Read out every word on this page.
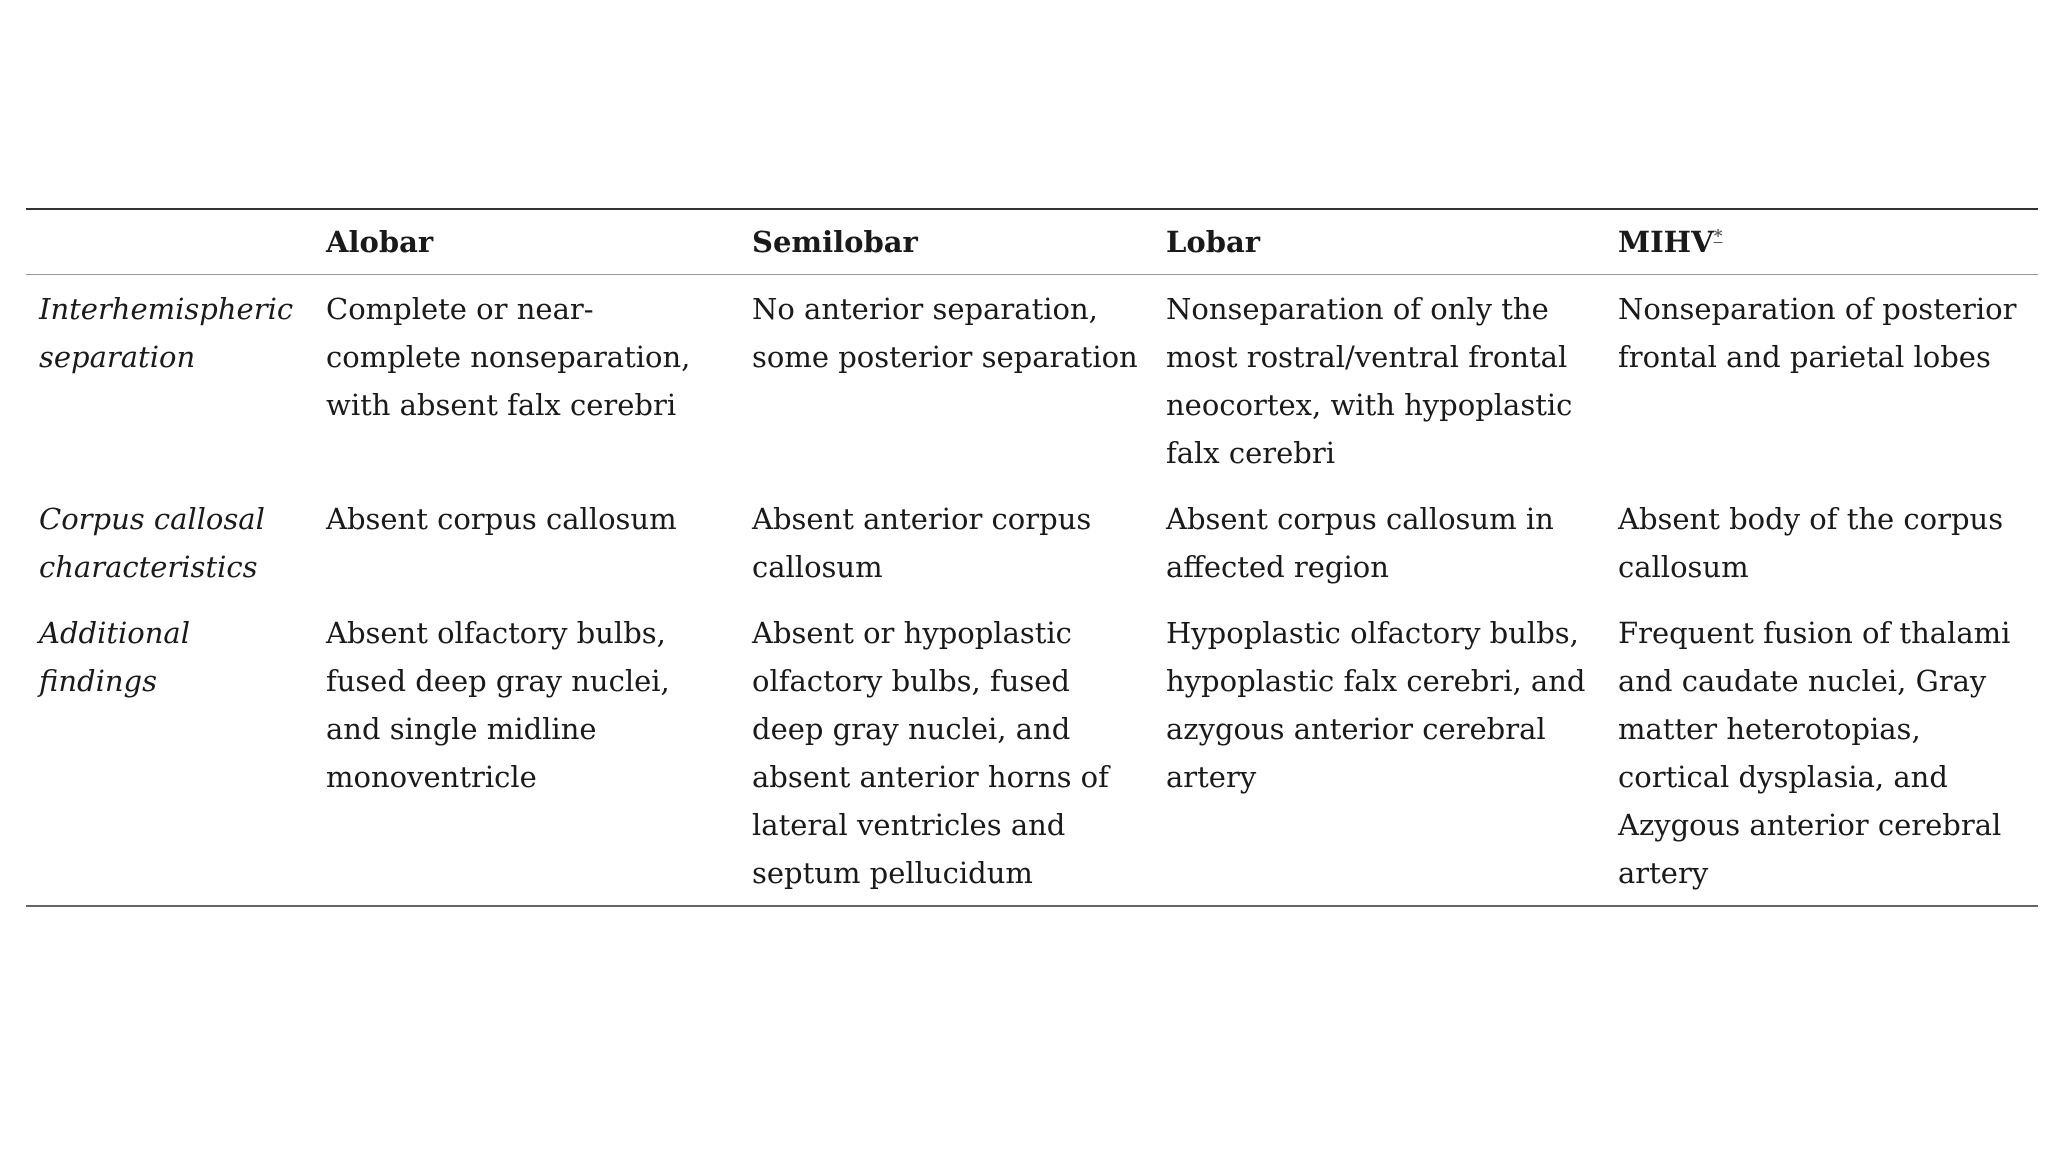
	Alobar	Semilobar	Lobar	MIHV*
Interhemispheric separation	Complete or near-complete nonseparation, with absent falx cerebri	No anterior separation, some posterior separation	Nonseparation of only the most rostral/ventral frontal neocortex, with hypoplastic falx cerebri	Nonseparation of posterior frontal and parietal lobes
Corpus callosal characteristics	Absent corpus callosum	Absent anterior corpus callosum	Absent corpus callosum in affected region	Absent body of the corpus callosum
Additional findings	Absent olfactory bulbs, fused deep gray nuclei, and single midline monoventricle	Absent or hypoplastic olfactory bulbs, fused deep gray nuclei, and absent anterior horns of lateral ventricles and septum pellucidum	Hypoplastic olfactory bulbs, hypoplastic falx cerebri, and azygous anterior cerebral artery	Frequent fusion of thalami and caudate nuclei, Gray matter heterotopias, cortical dysplasia, and Azygous anterior cerebral artery
